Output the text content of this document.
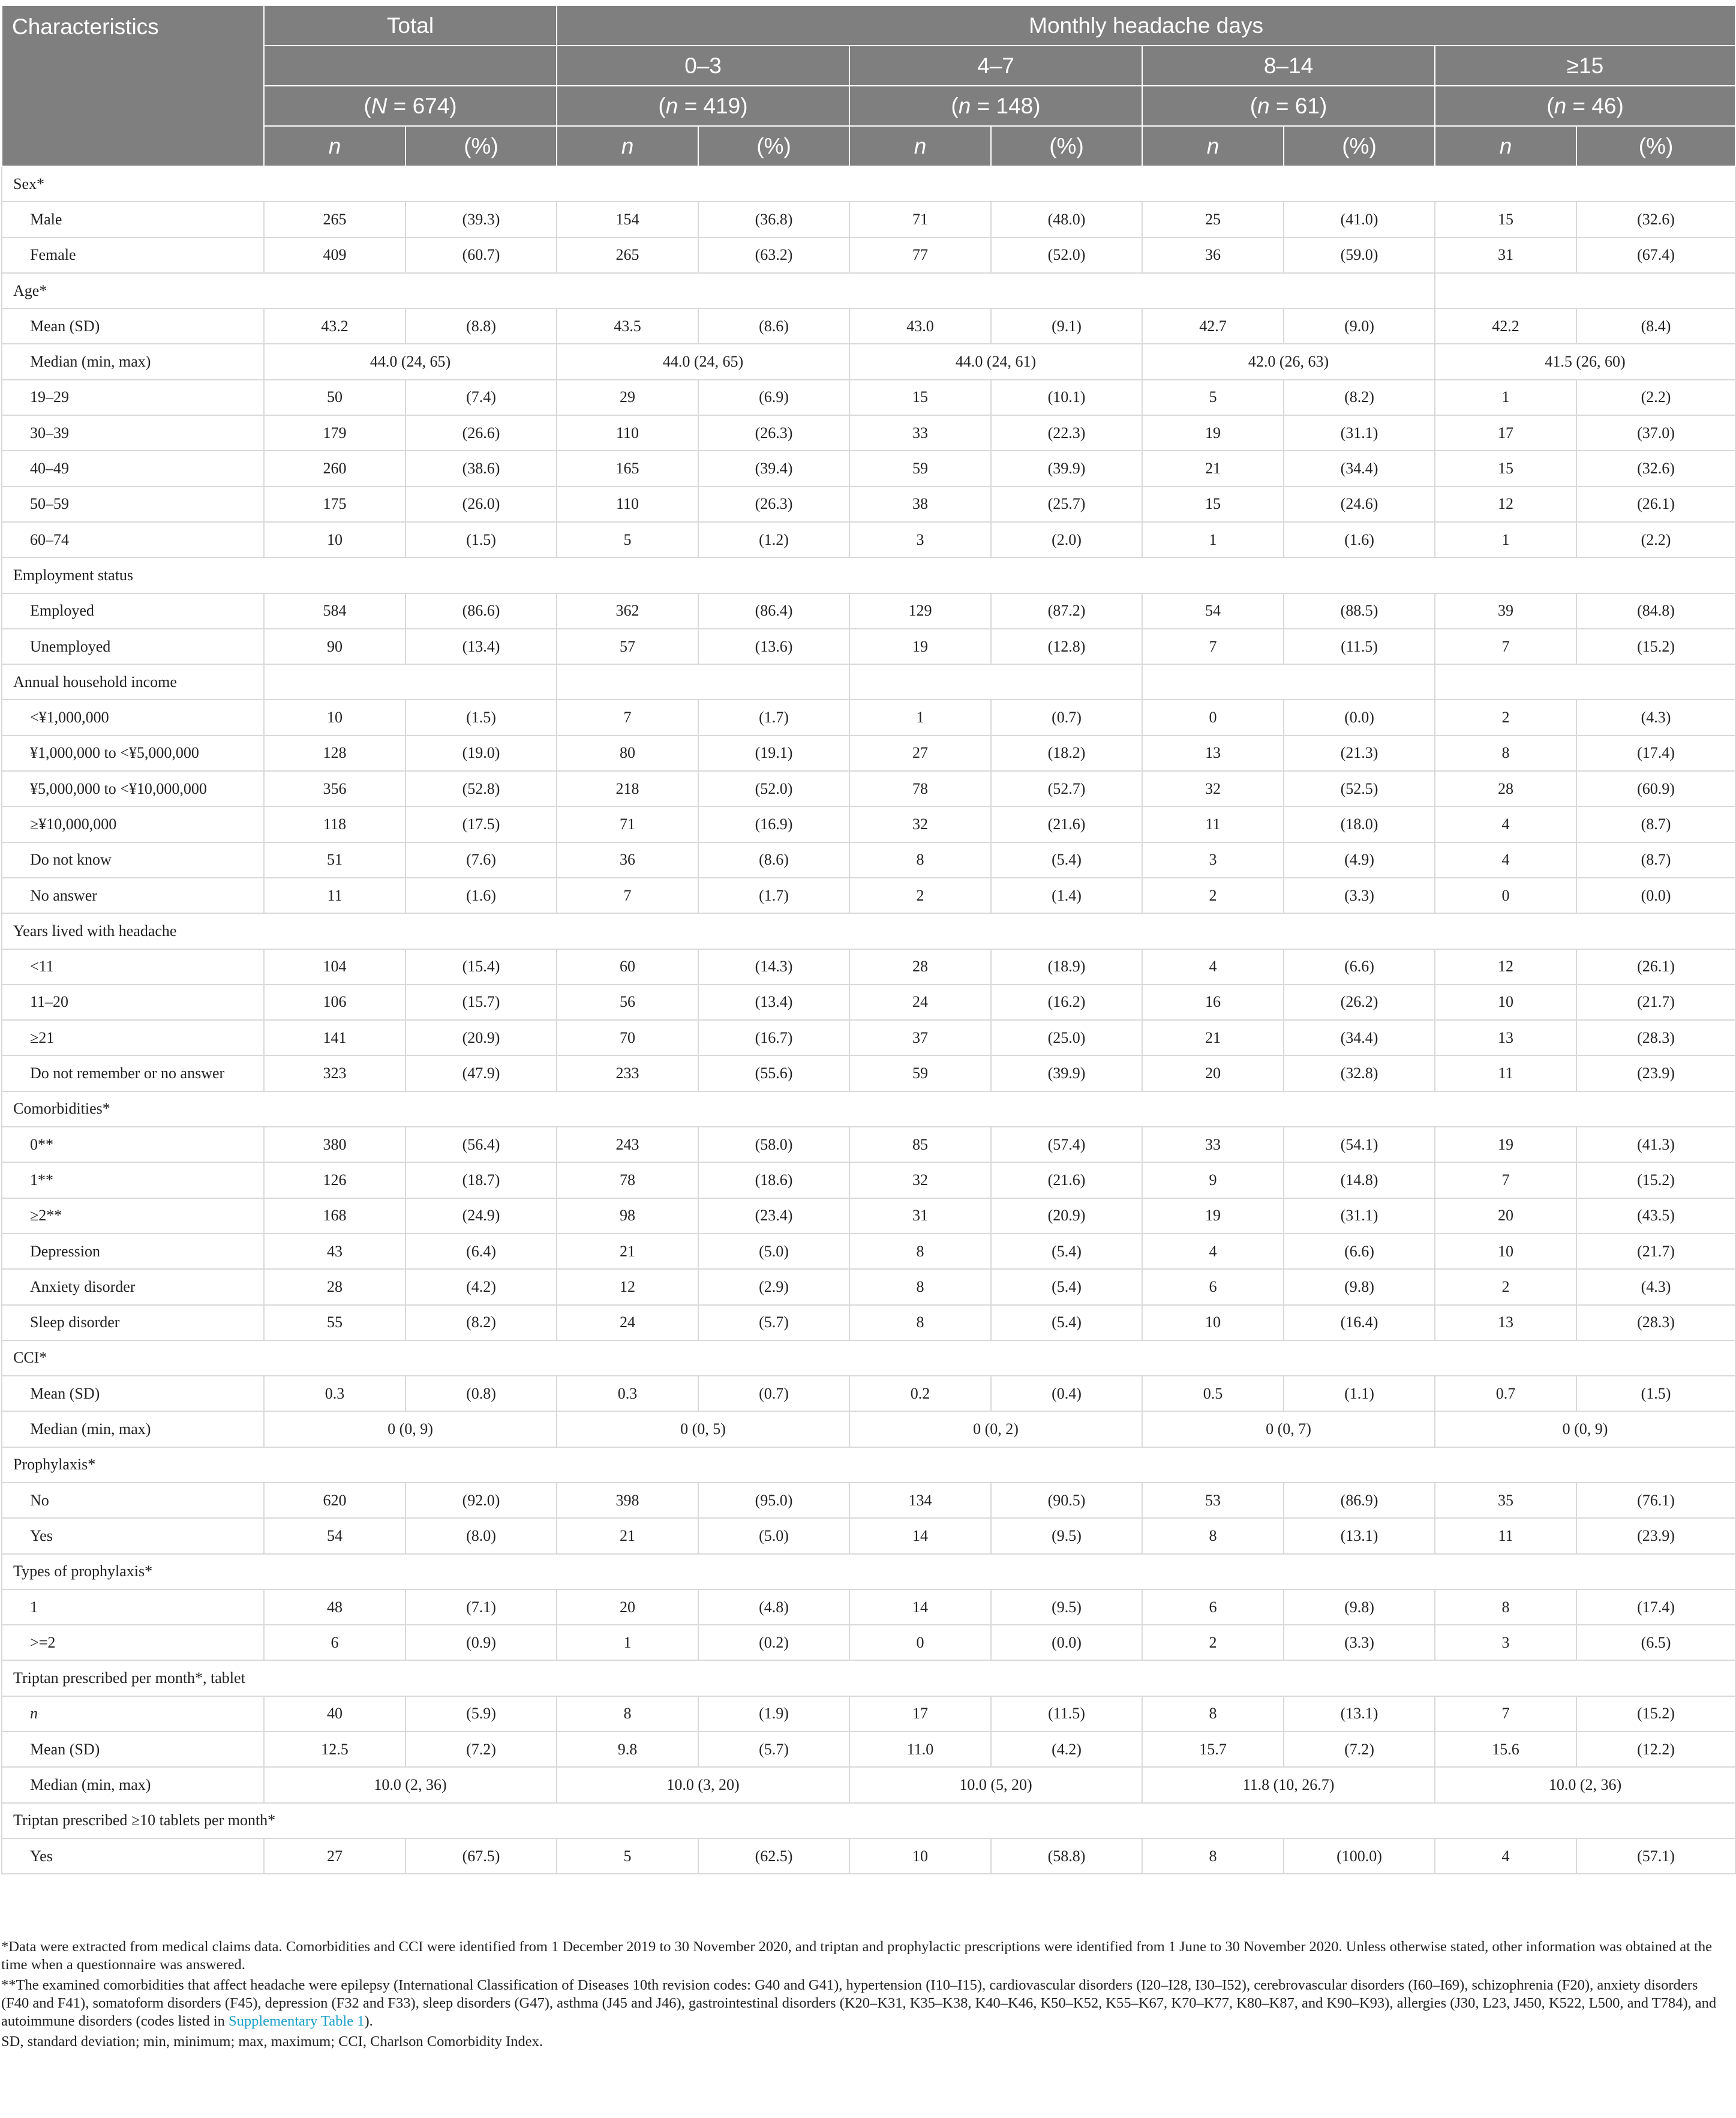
Characteristics	Total		Monthly headache days							
			0–3		4–7		8–14		≥15	
	(N = 674)		(n = 419)		(n = 148)		(n = 61)		(n = 46)	
	n	(%)	n	(%)	n	(%)	n	(%)	n	(%)
Sex*										
Male	265	(39.3)	154	(36.8)	71	(48.0)	25	(41.0)	15	(32.6)
Female	409	(60.7)	265	(63.2)	77	(52.0)	36	(59.0)	31	(67.4)
Age*										
Mean (SD)	43.2	(8.8)	43.5	(8.6)	43.0	(9.1)	42.7	(9.0)	42.2	(8.4)
Median (min, max)	44.0 (24, 65)		44.0 (24, 65)		44.0 (24, 61)		42.0 (26, 63)		41.5 (26, 60)	
19–29	50	(7.4)	29	(6.9)	15	(10.1)	5	(8.2)	1	(2.2)
30–39	179	(26.6)	110	(26.3)	33	(22.3)	19	(31.1)	17	(37.0)
40–49	260	(38.6)	165	(39.4)	59	(39.9)	21	(34.4)	15	(32.6)
50–59	175	(26.0)	110	(26.3)	38	(25.7)	15	(24.6)	12	(26.1)
60–74	10	(1.5)	5	(1.2)	3	(2.0)	1	(1.6)	1	(2.2)
Employment status										
Employed	584	(86.6)	362	(86.4)	129	(87.2)	54	(88.5)	39	(84.8)
Unemployed	90	(13.4)	57	(13.6)	19	(12.8)	7	(11.5)	7	(15.2)
Annual household income										
<¥1,000,000	10	(1.5)	7	(1.7)	1	(0.7)	0	(0.0)	2	(4.3)
¥1,000,000 to <¥5,000,000	128	(19.0)	80	(19.1)	27	(18.2)	13	(21.3)	8	(17.4)
¥5,000,000 to <¥10,000,000	356	(52.8)	218	(52.0)	78	(52.7)	32	(52.5)	28	(60.9)
≥¥10,000,000	118	(17.5)	71	(16.9)	32	(21.6)	11	(18.0)	4	(8.7)
Do not know	51	(7.6)	36	(8.6)	8	(5.4)	3	(4.9)	4	(8.7)
No answer	11	(1.6)	7	(1.7)	2	(1.4)	2	(3.3)	0	(0.0)
Years lived with headache										
<11	104	(15.4)	60	(14.3)	28	(18.9)	4	(6.6)	12	(26.1)
11–20	106	(15.7)	56	(13.4)	24	(16.2)	16	(26.2)	10	(21.7)
≥21	141	(20.9)	70	(16.7)	37	(25.0)	21	(34.4)	13	(28.3)
Do not remember or no answer	323	(47.9)	233	(55.6)	59	(39.9)	20	(32.8)	11	(23.9)
Comorbidities*										
0**	380	(56.4)	243	(58.0)	85	(57.4)	33	(54.1)	19	(41.3)
1**	126	(18.7)	78	(18.6)	32	(21.6)	9	(14.8)	7	(15.2)
≥2**	168	(24.9)	98	(23.4)	31	(20.9)	19	(31.1)	20	(43.5)
Depression	43	(6.4)	21	(5.0)	8	(5.4)	4	(6.6)	10	(21.7)
Anxiety disorder	28	(4.2)	12	(2.9)	8	(5.4)	6	(9.8)	2	(4.3)
Sleep disorder	55	(8.2)	24	(5.7)	8	(5.4)	10	(16.4)	13	(28.3)
CCI*										
Mean (SD)	0.3	(0.8)	0.3	(0.7)	0.2	(0.4)	0.5	(1.1)	0.7	(1.5)
Median (min, max)	0 (0, 9)		0 (0, 5)		0 (0, 2)		0 (0, 7)		0 (0, 9)	
Prophylaxis*										
No	620	(92.0)	398	(95.0)	134	(90.5)	53	(86.9)	35	(76.1)
Yes	54	(8.0)	21	(5.0)	14	(9.5)	8	(13.1)	11	(23.9)
Types of prophylaxis*										
1	48	(7.1)	20	(4.8)	14	(9.5)	6	(9.8)	8	(17.4)
>=2	6	(0.9)	1	(0.2)	0	(0.0)	2	(3.3)	3	(6.5)
Triptan prescribed per month*, tablet										
n	40	(5.9)	8	(1.9)	17	(11.5)	8	(13.1)	7	(15.2)
Mean (SD)	12.5	(7.2)	9.8	(5.7)	11.0	(4.2)	15.7	(7.2)	15.6	(12.2)
Median (min, max)	10.0 (2, 36)		10.0 (3, 20)		10.0 (5, 20)		11.8 (10, 26.7)		10.0 (2, 36)	
Triptan prescribed ≥10 tablets per month*										
Yes	27	(67.5)	5	(62.5)	10	(58.8)	8	(100.0)	4	(57.1)

*Data were extracted from medical claims data. Comorbidities and CCI were identified from 1 December 2019 to 30 November 2020, and triptan and prophylactic prescriptions were identified from 1 June to 30 November 2020. Unless otherwise stated, other information was obtained at the time when a questionnaire was answered.

**The examined comorbidities that affect headache were epilepsy (International Classification of Diseases 10th revision codes: G40 and G41), hypertension (I10–I15), cardiovascular disorders (I20–I28, I30–I52), cerebrovascular disorders (I60–I69), schizophrenia (F20), anxiety disorders (F40 and F41), somatoform disorders (F45), depression (F32 and F33), sleep disorders (G47), asthma (J45 and J46), gastrointestinal disorders (K20–K31, K35–K38, K40–K46, K50–K52, K55–K67, K70–K77, K80–K87, and K90–K93), allergies (J30, L23, J450, K522, L500, and T784), and autoimmune disorders (codes listed in Supplementary Table 1).

SD, standard deviation; min, minimum; max, maximum; CCI, Charlson Comorbidity Index.
